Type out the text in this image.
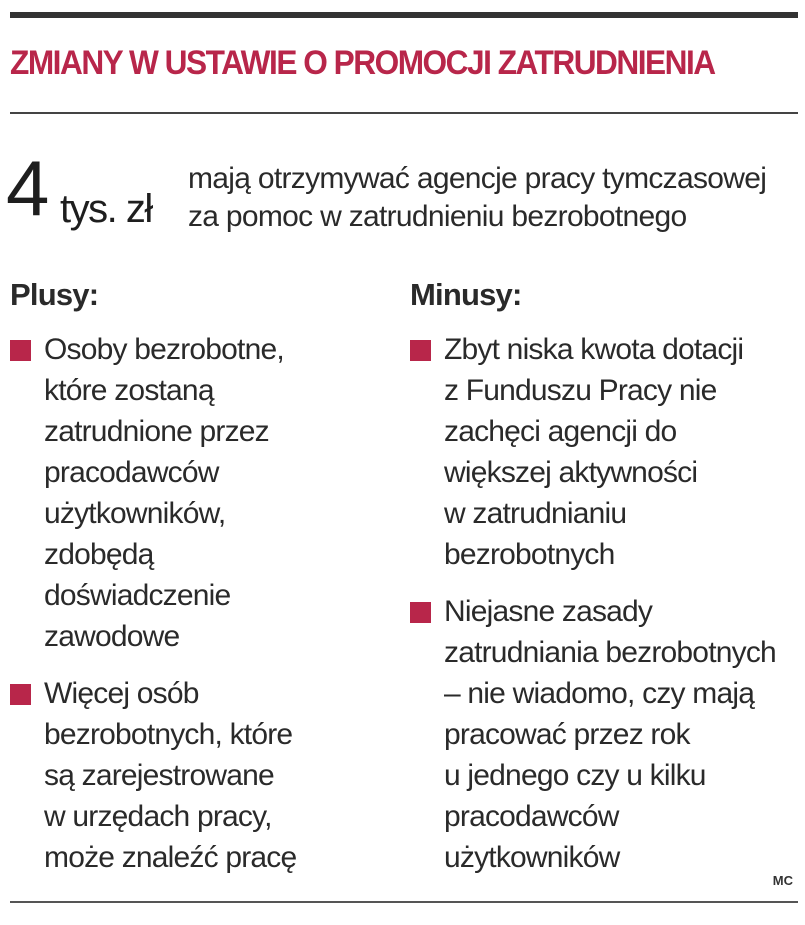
ZMIANY W USTAWIE O PROMOCJI ZATRUDNIENIA
4 tys. zł
mają otrzymywać agencje pracy tymczasowej
za pomoc w zatrudnieniu bezrobotnego
Plusy:
Osoby bezrobotne,
które zostaną
zatrudnione przez
pracodawców
użytkowników,
zdobędą
doświadczenie
zawodowe
Więcej osób
bezrobotnych, które
są zarejestrowane
w urzędach pracy,
może znaleźć pracę
Minusy:
Zbyt niska kwota dotacji
z Funduszu Pracy nie
zachęci agencji do
większej aktywności
w zatrudnianiu
bezrobotnych
Niejasne zasady
zatrudniania bezrobotnych
– nie wiadomo, czy mają
pracować przez rok
u jednego czy u kilku
pracodawców
użytkowników
MC
